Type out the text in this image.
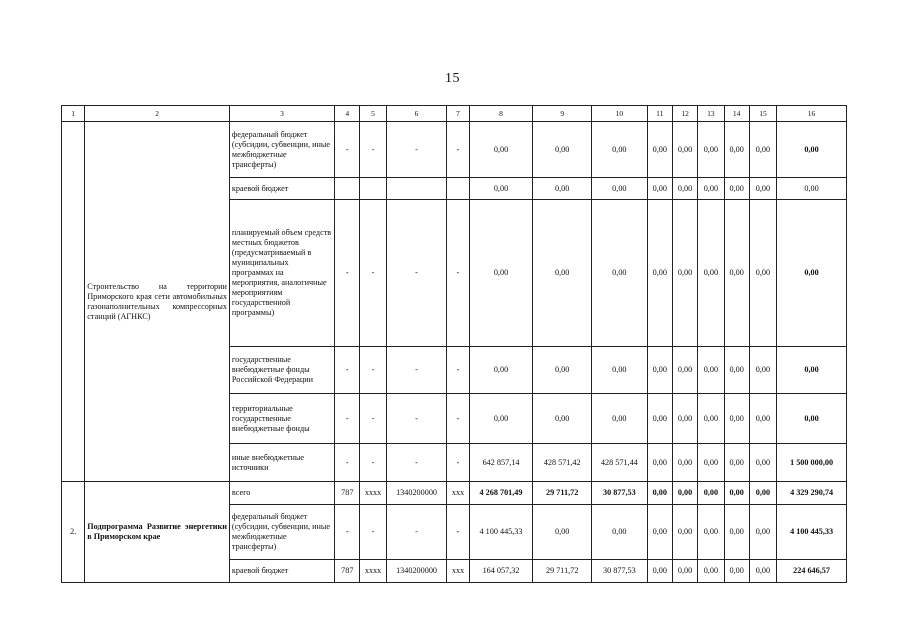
15
1	2	3	4	5	6	7	8	9	10	11	12	13	14	15	16
	Строительство на территории Приморского края сети автомобильных газонаполнительных компрессорных станций (АГНКС)	федеральный бюджет (субсидии, субвенции, иные межбюджетные трансферты)	-	-	-	-	0,00	0,00	0,00	0,00	0,00	0,00	0,00	0,00	0,00
		краевой бюджет					0,00	0,00	0,00	0,00	0,00	0,00	0,00	0,00	0,00
		планируемый объем средств местных бюджетов (предусматриваемый в муниципальных программах на мероприятия, аналогичные мероприятиям государственной программы)	-	-	-	-	0,00	0,00	0,00	0,00	0,00	0,00	0,00	0,00	0,00
		государственные внебюджетные фонды Российской Федерации	-	-	-	-	0,00	0,00	0,00	0,00	0,00	0,00	0,00	0,00	0,00
		территориальные государственные внебюджетные фонды	-	-	-	-	0,00	0,00	0,00	0,00	0,00	0,00	0,00	0,00	0,00
		иные внебюджетные источники	-	-	-	-	642 857,14	428 571,42	428 571,44	0,00	0,00	0,00	0,00	0,00	1 500 000,00
2.	Подпрограмма Развитие энергетики в Приморском крае	всего	787	xxxx	1340200000	xxx	4 268 701,49	29 711,72	30 877,53	0,00	0,00	0,00	0,00	0,00	4 329 290,74
		федеральный бюджет (субсидии, субвенции, иные межбюджетные трансферты)	-	-	-	-	4 100 445,33	0,00	0,00	0,00	0,00	0,00	0,00	0,00	4 100 445,33
		краевой бюджет	787	xxxx	1340200000	xxx	164 057,32	29 711,72	30 877,53	0,00	0,00	0,00	0,00	0,00	224 646,57
